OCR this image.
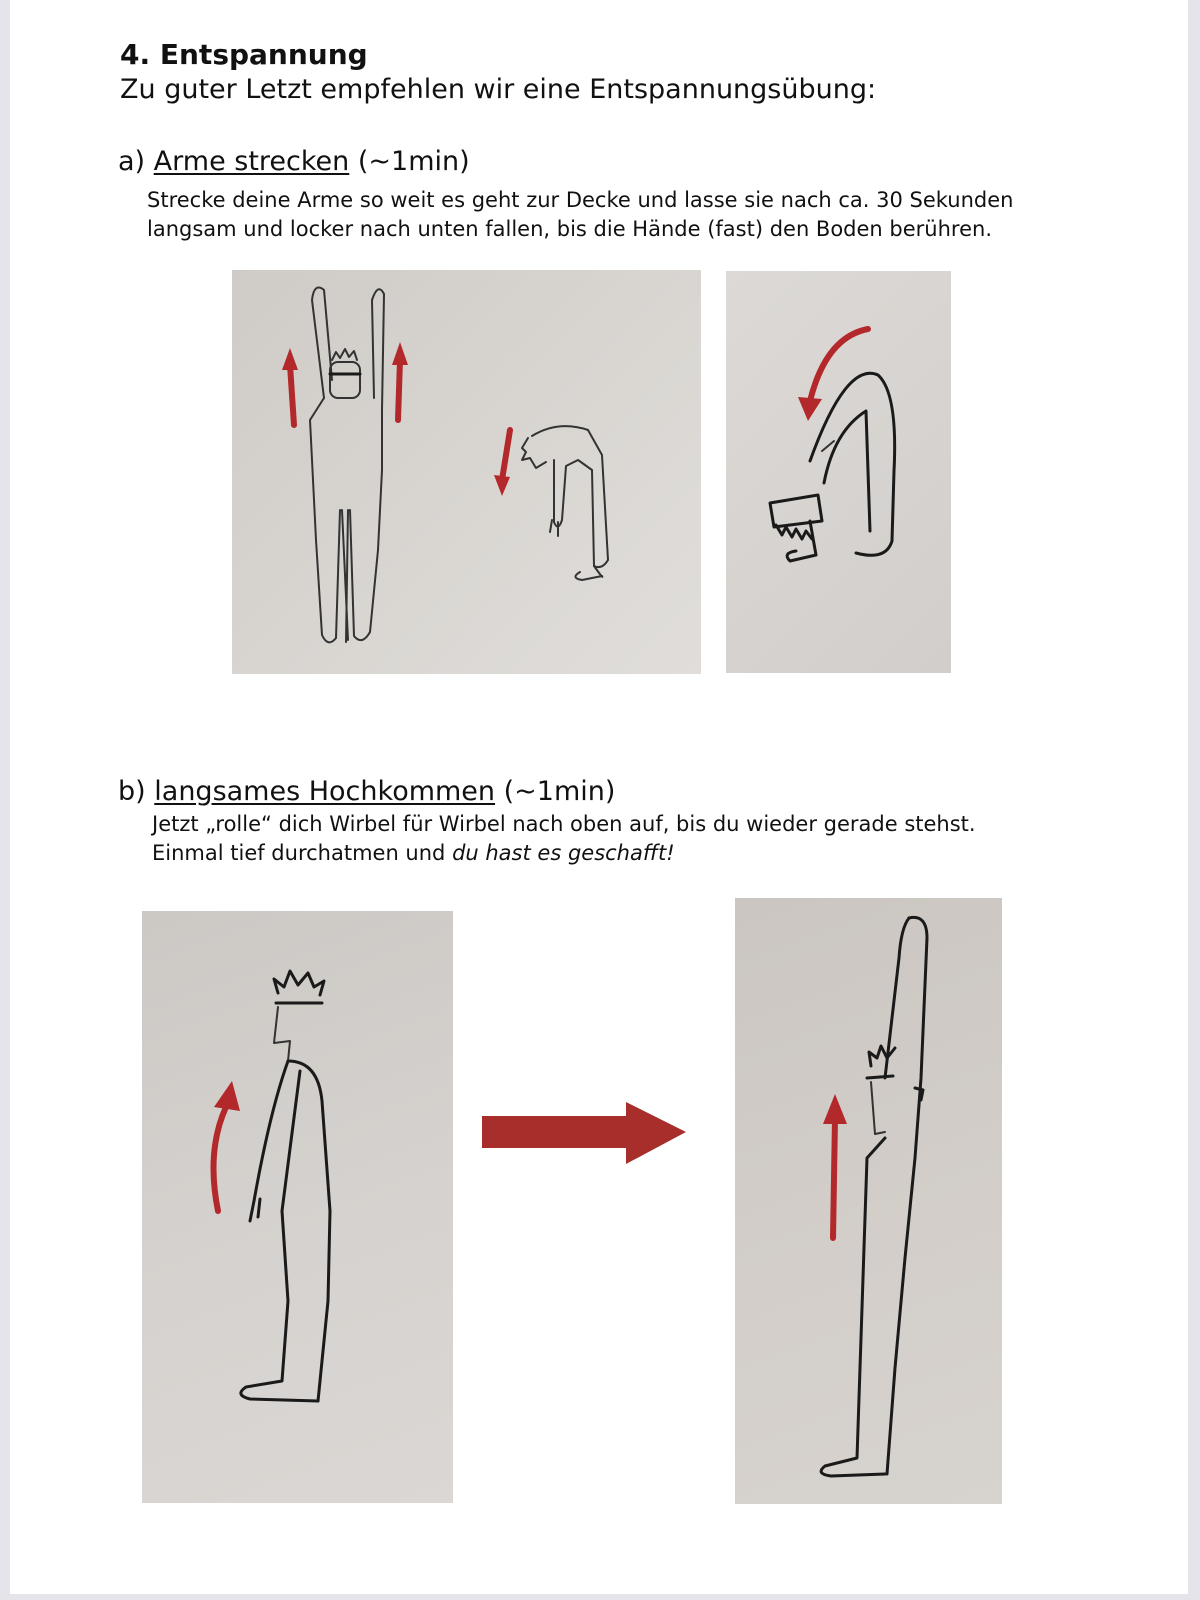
4. Entspannung

Zu guter Letzt empfehlen wir eine Entspannungsübung:

a) Arme strecken (~1min)

Strecke deine Arme so weit es geht zur Decke und lasse sie nach ca. 30 Sekunden
langsam und locker nach unten fallen, bis die Hände (fast) den Boden berühren.

b) langsames Hochkommen (~1min)

Jetzt „rolle“ dich Wirbel für Wirbel nach oben auf, bis du wieder gerade stehst.
Einmal tief durchatmen und du hast es geschafft!
